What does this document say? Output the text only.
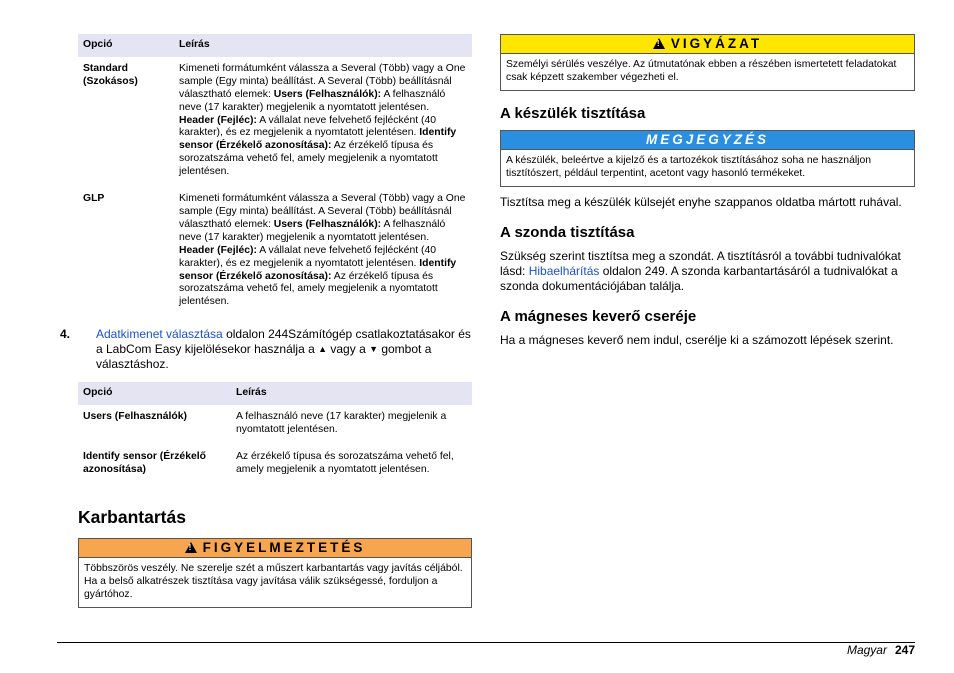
Opció	Leírás
Standard (Szokásos)	Kimeneti formátumként válassza a Several (Több) vagy a One sample (Egy minta) beállítást. A Several (Több) beállításnál választható elemek: Users (Felhasználók): A felhasználó neve (17 karakter) megjelenik a nyomtatott jelentésen. Header (Fejléc): A vállalat neve felvehető fejlécként (40 karakter), és ez megjelenik a nyomtatott jelentésen. Identify sensor (Érzékelő azonosítása): Az érzékelő típusa és sorozatszáma vehető fel, amely megjelenik a nyomtatott jelentésen.
GLP	Kimeneti formátumként válassza a Several (Több) vagy a One sample (Egy minta) beállítást. A Several (Több) beállításnál választható elemek: Users (Felhasználók): A felhasználó neve (17 karakter) megjelenik a nyomtatott jelentésen. Header (Fejléc): A vállalat neve felvehető fejlécként (40 karakter), és ez megjelenik a nyomtatott jelentésen. Identify sensor (Érzékelő azonosítása): Az érzékelő típusa és sorozatszáma vehető fel, amely megjelenik a nyomtatott jelentésen.
4. Adatkimenet választása oldalon 244Számítógép csatlakoztatásakor és a LabCom Easy kijelölésekor használja a ▲ vagy a ▼ gombot a választáshoz.
Opció	Leírás
Users (Felhasználók)	A felhasználó neve (17 karakter) megjelenik a nyomtatott jelentésen.
Identify sensor (Érzékelő azonosítása)	Az érzékelő típusa és sorozatszáma vehető fel, amely megjelenik a nyomtatott jelentésen.
Karbantartás
!FIGYELMEZTETÉS
Többszörös veszély. Ne szerelje szét a műszert karbantartás vagy javítás céljából. Ha a belső alkatrészek tisztítása vagy javítása válik szükségessé, forduljon a gyártóhoz.
!VIGYÁZAT
Személyi sérülés veszélye. Az útmutatónak ebben a részében ismertetett feladatokat csak képzett szakember végezheti el.
A készülék tisztítása
MEGJEGYZÉS
A készülék, beleértve a kijelző és a tartozékok tisztításához soha ne használjon tisztítószert, például terpentint, acetont vagy hasonló termékeket.

Tisztítsa meg a készülék külsejét enyhe szappanos oldatba mártott ruhával.

A szonda tisztítása

Szükség szerint tisztítsa meg a szondát. A tisztításról a további tudnivalókat lásd: Hibaelhárítás oldalon 249. A szonda karbantartásáról a tudnivalókat a szonda dokumentációjában találja.

A mágneses keverő cseréje

Ha a mágneses keverő nem indul, cserélje ki a számozott lépések szerint.

Magyar 247
